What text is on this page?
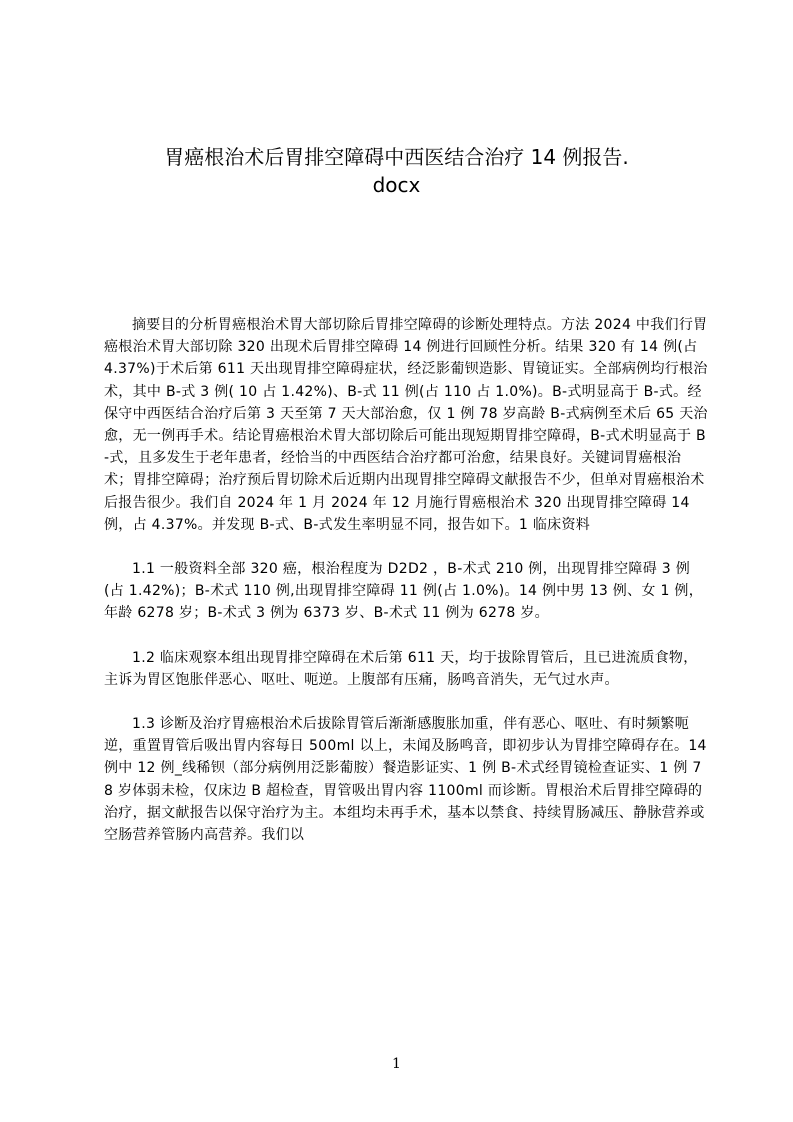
胃癌根治术后胃排空障碍中西医结合治疗 14 例报告.
docx

摘要目的分析胃癌根治术胃大部切除后胃排空障碍的诊断处理特点。方法 2024 中我们行胃癌根治术胃大部切除 320 出现术后胃排空障碍 14 例进行回顾性分析。结果 320 有 14 例(占 4.37%)于术后第 611 天出现胃排空障碍症状，经泛影葡钡造影、胃镜证实。全部病例均行根治术，其中 B-式 3 例( 10 占 1.42%)、B-式 11 例(占 110 占 1.0%)。B-式明显高于 B-式。经保守中西医结合治疗后第 3 天至第 7 天大部治愈，仅 1 例 78 岁高龄 B-式病例至术后 65 天治愈，无一例再手术。结论胃癌根治术胃大部切除后可能出现短期胃排空障碍，B-式术明显高于 B-式，且多发生于老年患者，经恰当的中西医结合治疗都可治愈，结果良好。关键词胃癌根治术；胃排空障碍；治疗预后胃切除术后近期内出现胃排空障碍文献报告不少，但单对胃癌根治术后报告很少。我们自 2024 年 1 月 2024 年 12 月施行胃癌根治术 320 出现胃排空障碍 14 例，占 4.37%。并发现 B-式、B-式发生率明显不同，报告如下。1 临床资料

1.1 一般资料全部 320 癌，根治程度为 D2D2 ，B-术式 210 例，出现胃排空障碍 3 例(占 1.42%)；B-术式 110 例,出现胃排空障碍 11 例(占 1.0%)。14 例中男 13 例、女 1 例，年龄 6278 岁；B-术式 3 例为 6373 岁、B-术式 11 例为 6278 岁。

1.2 临床观察本组出现胃排空障碍在术后第 611 天，均于拔除胃管后，且已进流质食物，主诉为胃区饱胀伴恶心、呕吐、呃逆。上腹部有压痛，肠鸣音消失，无气过水声。

1.3 诊断及治疗胃癌根治术后拔除胃管后渐渐感腹胀加重，伴有恶心、呕吐、有时频繁呃逆，重置胃管后吸出胃内容每日 500ml 以上，未闻及肠鸣音，即初步认为胃排空障碍存在。14 例中 12 例_线稀钡（部分病例用泛影葡胺）餐造影证实、1 例 B-术式经胃镜检查证实、1 例 78 岁体弱未检，仅床边 B 超检查，胃管吸出胃内容 1100ml 而诊断。胃根治术后胃排空障碍的治疗，据文献报告以保守治疗为主。本组均未再手术，基本以禁食、持续胃肠减压、静脉营养或空肠营养管肠内高营养。我们以

1
